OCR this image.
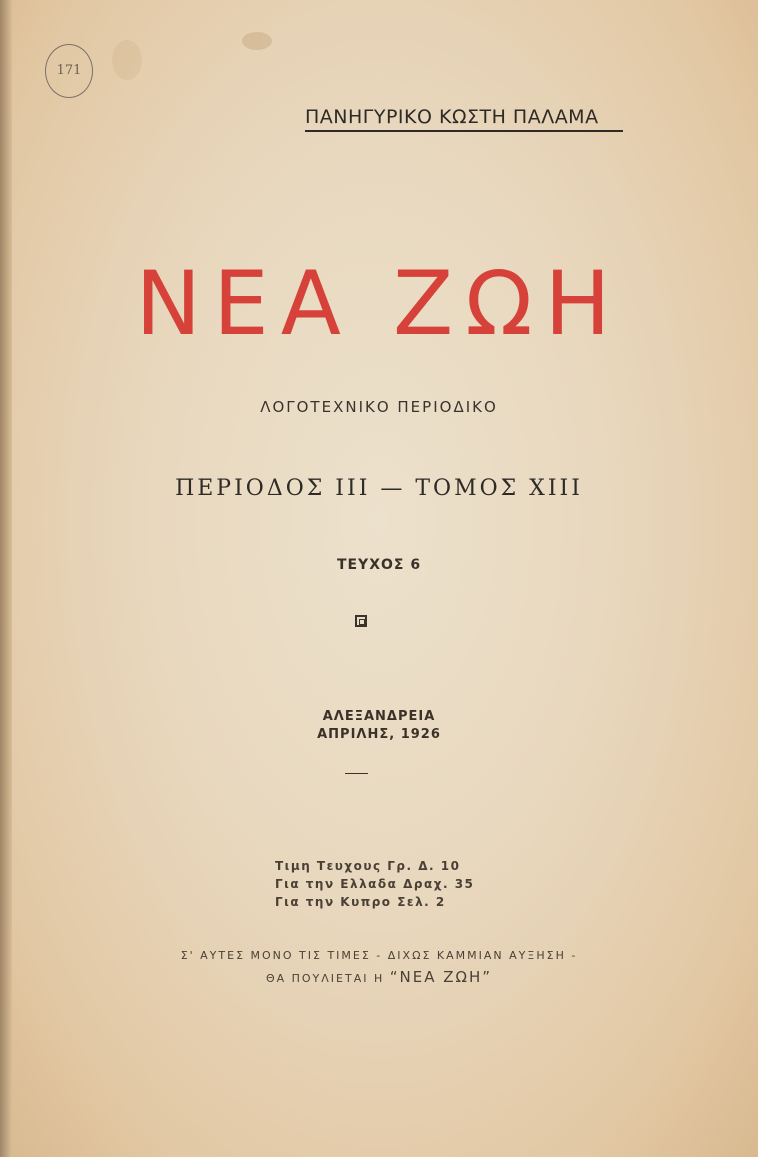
171
ΠΑΝΗΓΥΡΙΚΟ ΚΩΣΤΗ ΠΑΛΑΜΑ
ΝΕΑ ΖΩΗ
ΛΟΓΟΤΕΧΝΙΚΟ ΠΕΡΙΟΔΙΚΟ
ΠΕΡΙΟΔΟΣ III — ΤΟΜΟΣ XIII
ΤΕΥΧΟΣ 6
ΑΛΕΞΑΝΔΡΕΙΑ
ΑΠΡΙΛΗΣ, 1926
Τιμη Τευχους Γρ. Δ. 10
Για την Ελλαδα Δραχ. 35
Για την Κυπρο Σελ. 2
Σ' ΑΥΤΕΣ ΜΟΝΟ ΤΙΣ ΤΙΜΕΣ - ΔΙΧΩΣ ΚΑΜΜΙΑΝ ΑΥΞΗΣΗ -
ΘΑ ΠΟΥΛΙΕΤΑΙ Η “ΝΕΑ ΖΩΗ”
